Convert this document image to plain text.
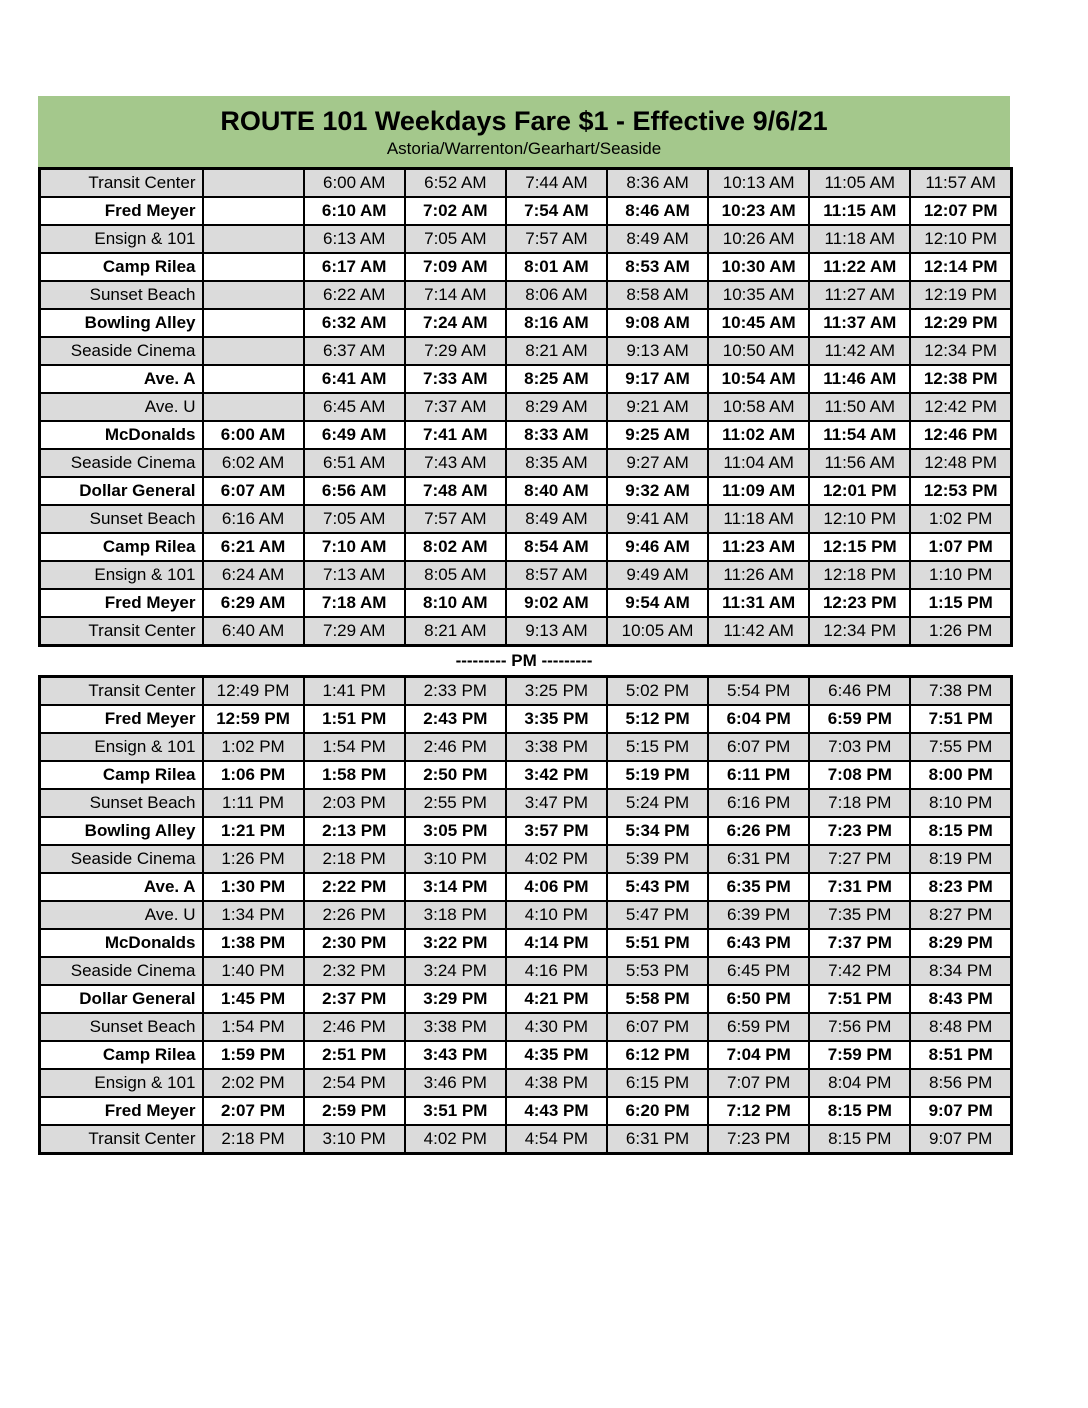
ROUTE 101 Weekdays Fare $1 - Effective 9/6/21
Astoria/Warrenton/Gearhart/Seaside
Transit Center		6:00 AM	6:52 AM	7:44 AM	8:36 AM	10:13 AM	11:05 AM	11:57 AM
Fred Meyer		6:10 AM	7:02 AM	7:54 AM	8:46 AM	10:23 AM	11:15 AM	12:07 PM
Ensign & 101		6:13 AM	7:05 AM	7:57 AM	8:49 AM	10:26 AM	11:18 AM	12:10 PM
Camp Rilea		6:17 AM	7:09 AM	8:01 AM	8:53 AM	10:30 AM	11:22 AM	12:14 PM
Sunset Beach		6:22 AM	7:14 AM	8:06 AM	8:58 AM	10:35 AM	11:27 AM	12:19 PM
Bowling Alley		6:32 AM	7:24 AM	8:16 AM	9:08 AM	10:45 AM	11:37 AM	12:29 PM
Seaside Cinema		6:37 AM	7:29 AM	8:21 AM	9:13 AM	10:50 AM	11:42 AM	12:34 PM
Ave. A		6:41 AM	7:33 AM	8:25 AM	9:17 AM	10:54 AM	11:46 AM	12:38 PM
Ave. U		6:45 AM	7:37 AM	8:29 AM	9:21 AM	10:58 AM	11:50 AM	12:42 PM
McDonalds	6:00 AM	6:49 AM	7:41 AM	8:33 AM	9:25 AM	11:02 AM	11:54 AM	12:46 PM
Seaside Cinema	6:02 AM	6:51 AM	7:43 AM	8:35 AM	9:27 AM	11:04 AM	11:56 AM	12:48 PM
Dollar General	6:07 AM	6:56 AM	7:48 AM	8:40 AM	9:32 AM	11:09 AM	12:01 PM	12:53 PM
Sunset Beach	6:16 AM	7:05 AM	7:57 AM	8:49 AM	9:41 AM	11:18 AM	12:10 PM	1:02 PM
Camp Rilea	6:21 AM	7:10 AM	8:02 AM	8:54 AM	9:46 AM	11:23 AM	12:15 PM	1:07 PM
Ensign & 101	6:24 AM	7:13 AM	8:05 AM	8:57 AM	9:49 AM	11:26 AM	12:18 PM	1:10 PM
Fred Meyer	6:29 AM	7:18 AM	8:10 AM	9:02 AM	9:54 AM	11:31 AM	12:23 PM	1:15 PM
Transit Center	6:40 AM	7:29 AM	8:21 AM	9:13 AM	10:05 AM	11:42 AM	12:34 PM	1:26 PM
--------- PM ---------
Transit Center	12:49 PM	1:41 PM	2:33 PM	3:25 PM	5:02 PM	5:54 PM	6:46 PM	7:38 PM
Fred Meyer	12:59 PM	1:51 PM	2:43 PM	3:35 PM	5:12 PM	6:04 PM	6:59 PM	7:51 PM
Ensign & 101	1:02 PM	1:54 PM	2:46 PM	3:38 PM	5:15 PM	6:07 PM	7:03 PM	7:55 PM
Camp Rilea	1:06 PM	1:58 PM	2:50 PM	3:42 PM	5:19 PM	6:11 PM	7:08 PM	8:00 PM
Sunset Beach	1:11 PM	2:03 PM	2:55 PM	3:47 PM	5:24 PM	6:16 PM	7:18 PM	8:10 PM
Bowling Alley	1:21 PM	2:13 PM	3:05 PM	3:57 PM	5:34 PM	6:26 PM	7:23 PM	8:15 PM
Seaside Cinema	1:26 PM	2:18 PM	3:10 PM	4:02 PM	5:39 PM	6:31 PM	7:27 PM	8:19 PM
Ave. A	1:30 PM	2:22 PM	3:14 PM	4:06 PM	5:43 PM	6:35 PM	7:31 PM	8:23 PM
Ave. U	1:34 PM	2:26 PM	3:18 PM	4:10 PM	5:47 PM	6:39 PM	7:35 PM	8:27 PM
McDonalds	1:38 PM	2:30 PM	3:22 PM	4:14 PM	5:51 PM	6:43 PM	7:37 PM	8:29 PM
Seaside Cinema	1:40 PM	2:32 PM	3:24 PM	4:16 PM	5:53 PM	6:45 PM	7:42 PM	8:34 PM
Dollar General	1:45 PM	2:37 PM	3:29 PM	4:21 PM	5:58 PM	6:50 PM	7:51 PM	8:43 PM
Sunset Beach	1:54 PM	2:46 PM	3:38 PM	4:30 PM	6:07 PM	6:59 PM	7:56 PM	8:48 PM
Camp Rilea	1:59 PM	2:51 PM	3:43 PM	4:35 PM	6:12 PM	7:04 PM	7:59 PM	8:51 PM
Ensign & 101	2:02 PM	2:54 PM	3:46 PM	4:38 PM	6:15 PM	7:07 PM	8:04 PM	8:56 PM
Fred Meyer	2:07 PM	2:59 PM	3:51 PM	4:43 PM	6:20 PM	7:12 PM	8:15 PM	9:07 PM
Transit Center	2:18 PM	3:10 PM	4:02 PM	4:54 PM	6:31 PM	7:23 PM	8:15 PM	9:07 PM
